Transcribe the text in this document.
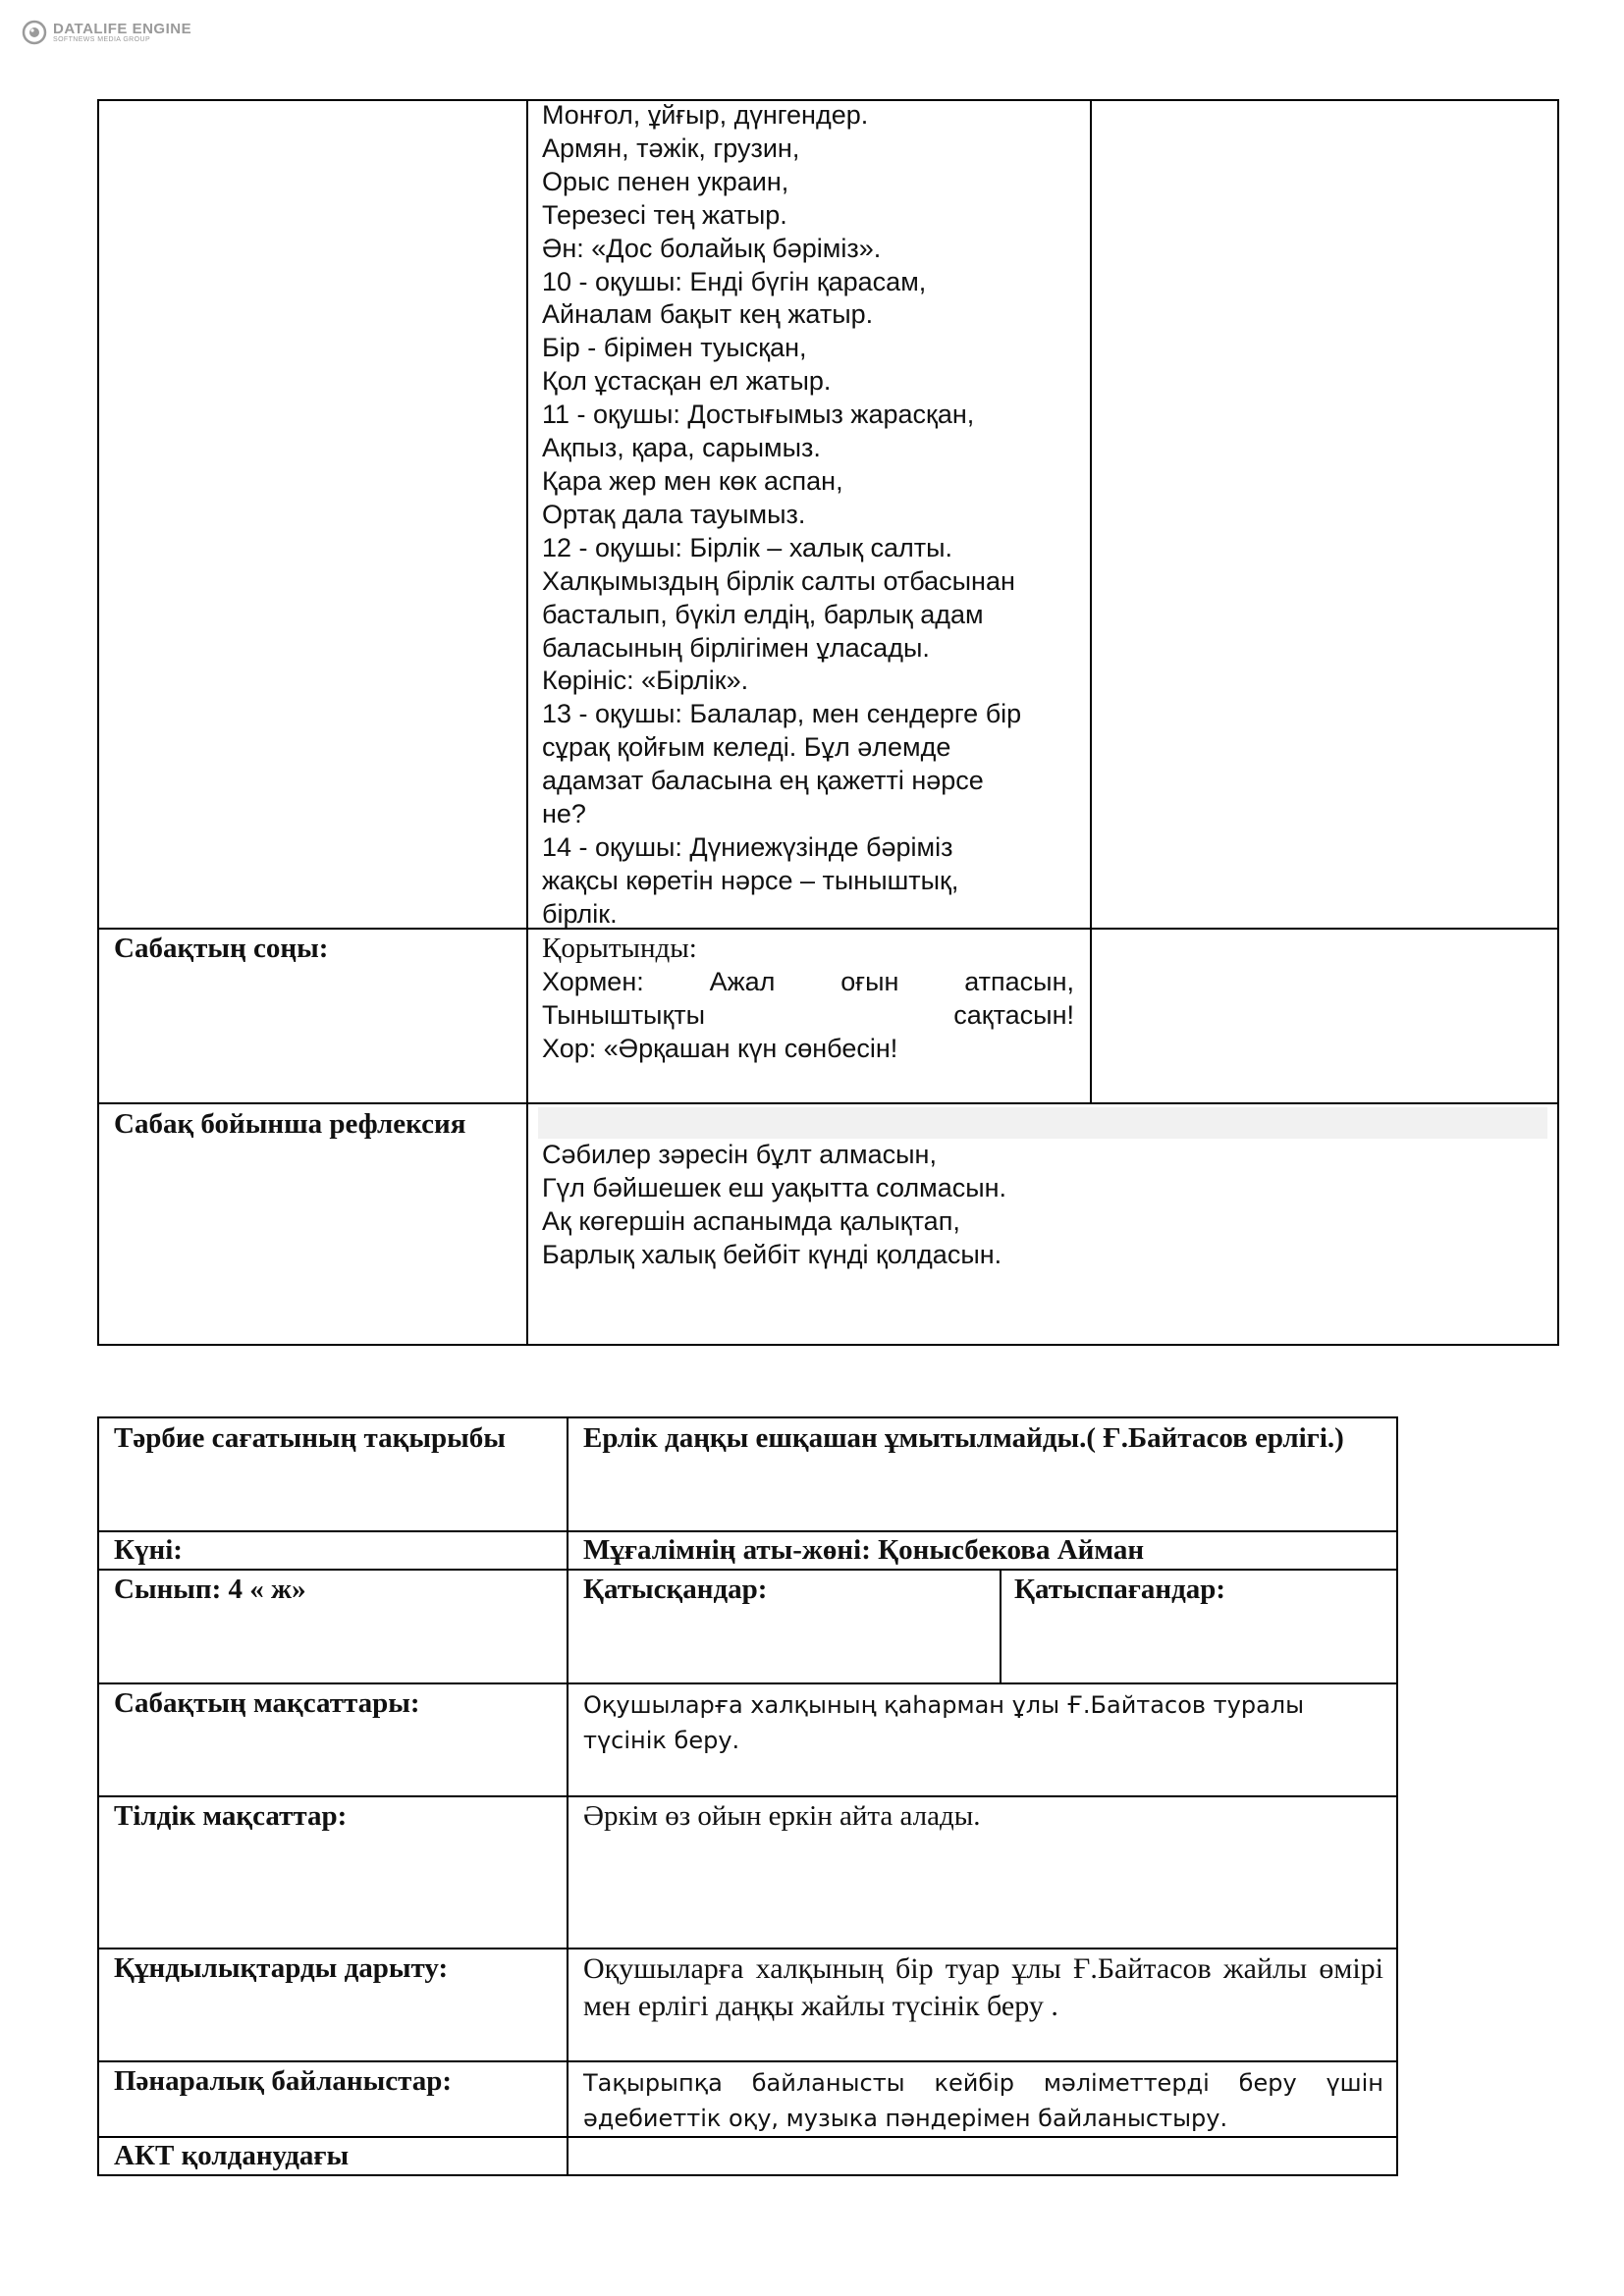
DATALIFE ENGINE
SOFTNEWS MEDIA GROUP
Монғол, ұйғыр, дүнгендер.
Армян, тәжік, грузин,
Орыс пенен украин,
Терезесі тең жатыр.
Ән: «Дос болайық бәріміз».
10 - оқушы: Енді бүгін қарасам,
Айналам бақыт кең жатыр.
Бір - бірімен туысқан,
Қол ұстасқан ел жатыр.
11 - оқушы: Достығымыз жарасқан,
Ақпыз, қара, сарымыз.
Қара жер мен көк аспан,
Ортақ дала тауымыз.
12 - оқушы: Бірлік – халық салты.
Халқымыздың бірлік салты отбасынан
басталып, бүкіл елдің, барлық адам
баласының бірлігімен ұласады.
Көрініс: «Бірлік».
13 - оқушы: Балалар, мен сендерге бір
сұрақ қойғым келеді. Бұл әлемде
адамзат баласына ең қажетті нәрсе
не?
14 - оқушы: Дүниежүзінде бәріміз
жақсы көретін нәрсе – тыныштық,
бірлік.
Сабақтың соңы:	Қорытынды:
Хормен: Ажал оғын атпасын,
Тыныштықты сақтасын!
Хор: «Әрқашан күн сөнбесін!
Сабақ бойынша рефлексия
Сәбилер зәресін бұлт алмасын,
Гүл бәйшешек еш уақытта солмасын.
Ақ көгершін аспанымда қалықтап,
Барлық халық бейбіт күнді қолдасын.
Тәрбие сағатының тақырыбы	Ерлік даңқы ешқашан ұмытылмайды.( Ғ.Байтасов ерлігі.)
Күні:	Мұғалімнің аты-жөні: Қонысбекова Айман
Сынып: 4 « ж»	Қатысқандар:	Қатыспағандар:
Сабақтың мақсаттары:	Оқушыларға халқының қаһарман ұлы Ғ.Байтасов туралы түсінік беру.
Тілдік мақсаттар:	Әркім өз ойын еркін айта алады.
Құндылықтарды дарыту:	Оқушыларға халқының бір туар ұлы Ғ.Байтасов жайлы өмірі мен ерлігі даңқы жайлы түсінік беру .
Пәнаралық байланыстар:	Тақырыпқа байланысты кейбір мәліметтерді беру үшін әдебиеттік оқу, музыка пәндерімен байланыстыру.
АКТ қолданудағы
